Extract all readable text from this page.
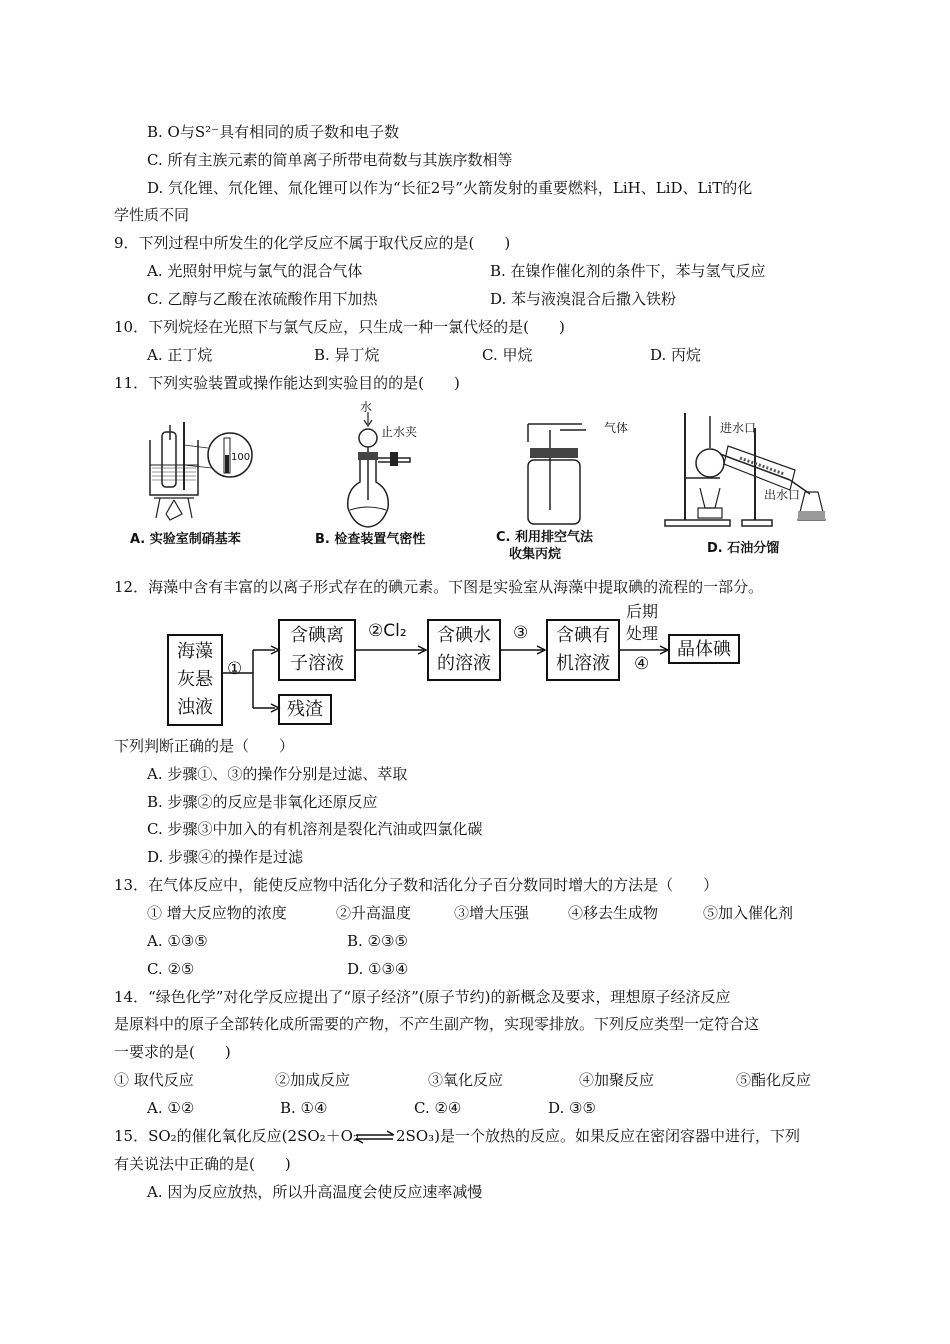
B. O与S²⁻具有相同的质子数和电子数
C. 所有主族元素的简单离子所带电荷数与其族序数相等
D. 氕化锂、氘化锂、氚化锂可以作为“长征2号”火箭发射的重要燃料，LiH、LiD、LiT的化
学性质不同
9．下列过程中所发生的化学反应不属于取代反应的是(　　)
A. 光照射甲烷与氯气的混合气体	B. 在镍作催化剂的条件下，苯与氢气反应
C. 乙醇与乙酸在浓硫酸作用下加热	D. 苯与液溴混合后撒入铁粉
10．下列烷烃在光照下与氯气反应，只生成一种一氯代烃的是(　　)
A. 正丁烷	B. 异丁烷	C. 甲烷	D. 丙烷
11．下列实验装置或操作能达到实验目的的是(　　)
100
A. 实验室制硝基苯
水
止水夹
B. 检查装置气密性
气体
C. 利用排空气法
收集丙烷
进水口
出水口
D. 石油分馏
12．海藻中含有丰富的以离子形式存在的碘元素。下图是实验室从海藻中提取碘的流程的一部分。
海藻
灰悬
浊液
①
含碘离
子溶液
残渣
②Cl₂ 含碘水
的溶液
③ 含碘有
机溶液
后期
处理
④
晶体碘
下列判断正确的是（　　）
A. 步骤①、③的操作分别是过滤、萃取
B. 步骤②的反应是非氧化还原反应
C. 步骤③中加入的有机溶剂是裂化汽油或四氯化碳
D. 步骤④的操作是过滤
13．在气体反应中，能使反应物中活化分子数和活化分子百分数同时增大的方法是（　　）
① 增大反应物的浓度	②升高温度	③增大压强	④移去生成物	⑤加入催化剂
A. ①③⑤	B. ②③⑤
C. ②⑤	D. ①③④
14．“绿色化学”对化学反应提出了“原子经济”(原子节约)的新概念及要求，理想原子经济反应
是原料中的原子全部转化成所需要的产物，不产生副产物，实现零排放。下列反应类型一定符合这
一要求的是(　　)
① 取代反应	②加成反应	③氧化反应	④加聚反应	⑤酯化反应
A. ①②	B. ①④	C. ②④	D. ③⑤
15．SO₂的催化氧化反应(2SO₂＋O₂ ⇌ 2SO₃)是一个放热的反应。如果反应在密闭容器中进行，下列
有关说法中正确的是(　　)
A. 因为反应放热，所以升高温度会使反应速率减慢
